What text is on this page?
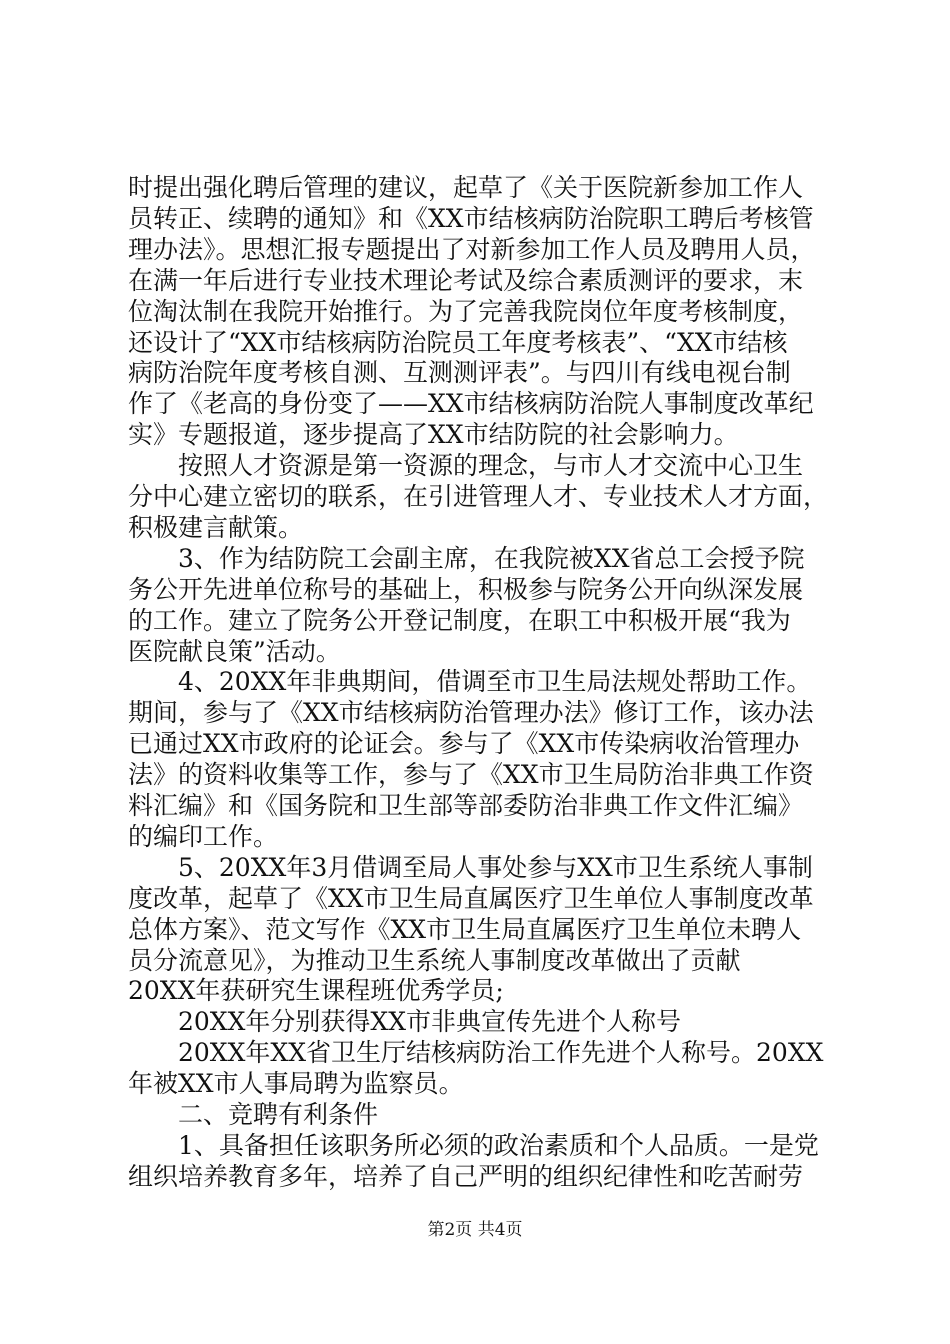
时提出强化聘后管理的建议，起草了《关于医院新参加工作人
员转正、续聘的通知》和《XX市结核病防治院职工聘后考核管
理办法》。思想汇报专题提出了对新参加工作人员及聘用人员，
在满一年后进行专业技术理论考试及综合素质测评的要求，末
位淘汰制在我院开始推行。为了完善我院岗位年度考核制度，
还设计了“XX市结核病防治院员工年度考核表”、“XX市结核
病防治院年度考核自测、互测测评表”。与四川有线电视台制
作了《老高的身份变了——XX市结核病防治院人事制度改革纪
实》专题报道，逐步提高了XX市结防院的社会影响力。
　　按照人才资源是第一资源的理念，与市人才交流中心卫生
分中心建立密切的联系，在引进管理人才、专业技术人才方面，
积极建言献策。
　　3、作为结防院工会副主席，在我院被XX省总工会授予院
务公开先进单位称号的基础上，积极参与院务公开向纵深发展
的工作。建立了院务公开登记制度，在职工中积极开展“我为
医院献良策”活动。
　　4、20XX年非典期间，借调至市卫生局法规处帮助工作。
期间，参与了《XX市结核病防治管理办法》修订工作，该办法
已通过XX市政府的论证会。参与了《XX市传染病收治管理办
法》的资料收集等工作，参与了《XX市卫生局防治非典工作资
料汇编》和《国务院和卫生部等部委防治非典工作文件汇编》
的编印工作。
　　5、20XX年3月借调至局人事处参与XX市卫生系统人事制
度改革，起草了《XX市卫生局直属医疗卫生单位人事制度改革
总体方案》、范文写作《XX市卫生局直属医疗卫生单位未聘人
员分流意见》，为推动卫生系统人事制度改革做出了贡献
20XX年获研究生课程班优秀学员;
　　20XX年分别获得XX市非典宣传先进个人称号
　　20XX年XX省卫生厅结核病防治工作先进个人称号。20XX
年被XX市人事局聘为监察员。
　　二、竞聘有利条件
　　1、具备担任该职务所必须的政治素质和个人品质。一是党
组织培养教育多年，培养了自己严明的组织纪律性和吃苦耐劳
第2页 共4页
